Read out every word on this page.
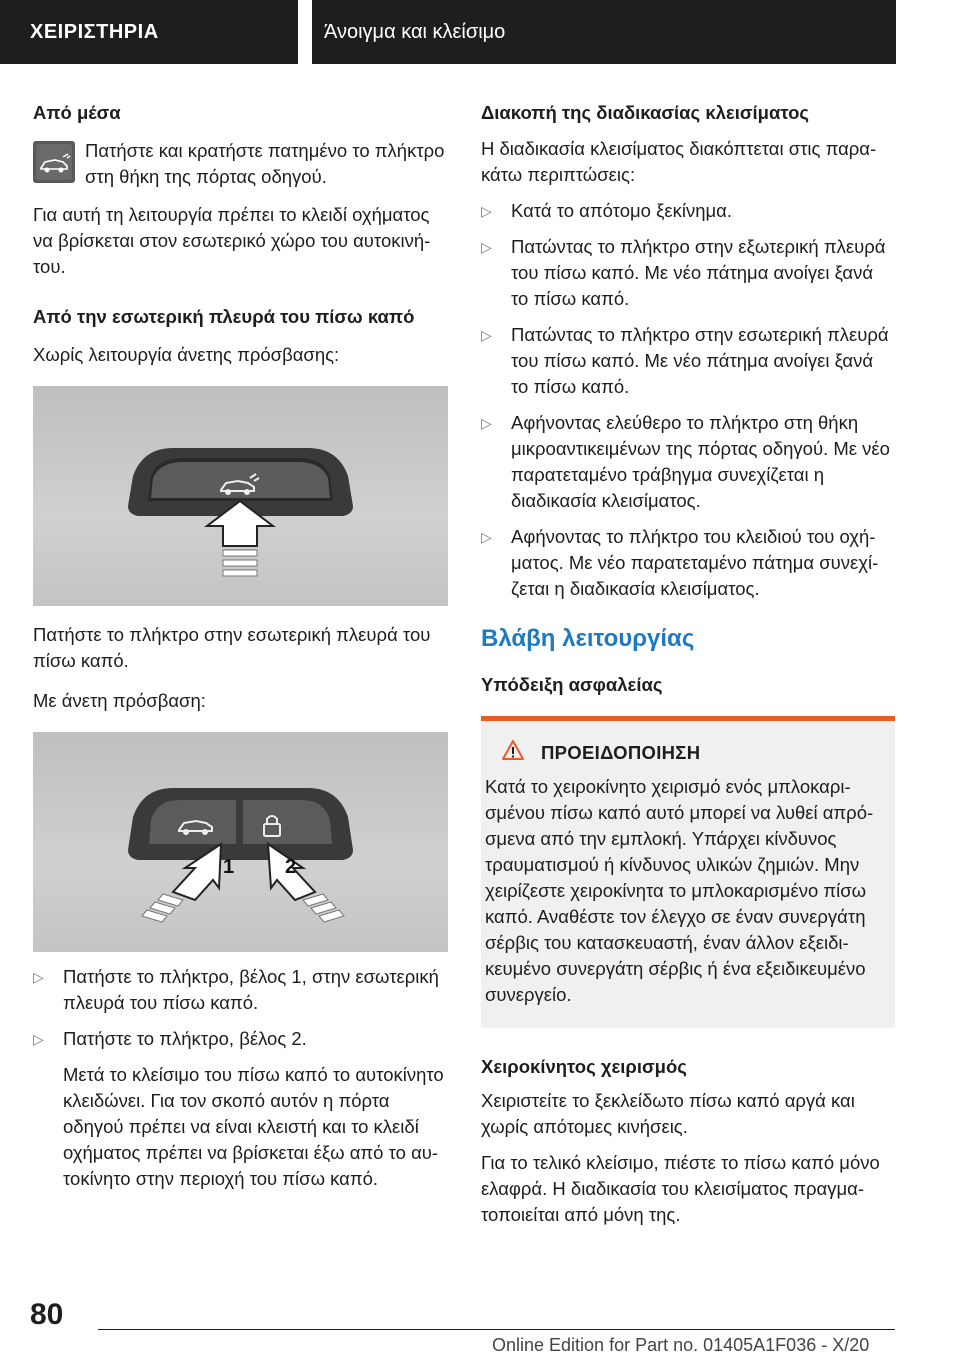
ΧΕΙΡΙΣΤΗΡΙΑ	Άνοιγμα και κλείσιμο
Από μέσα

Πατήστε και κρατήστε πατημένο το πλήκτρο στη θήκη της πόρτας οδηγού.

Για αυτή τη λειτουργία πρέπει το κλειδί οχήματος να βρίσκεται στον εσωτερικό χώρο του αυτοκινήτου.

Από την εσωτερική πλευρά του πίσω καπό

Χωρίς λειτουργία άνετης πρόσβασης:

Πατήστε το πλήκτρο στην εσωτερική πλευρά του πίσω καπό.

Με άνετη πρόσβαση:

1	2
▷	Πατήστε το πλήκτρο, βέλος 1, στην εσωτερική πλευρά του πίσω καπό.

▷	Πατήστε το πλήκτρο, βέλος 2.

Μετά το κλείσιμο του πίσω καπό το αυτοκίνητο κλειδώνει. Για τον σκοπό αυτόν η πόρτα οδηγού πρέπει να είναι κλειστή και το κλειδί οχήματος πρέπει να βρίσκεται έξω από το αυτοκίνητο στην περιοχή του πίσω καπό.

Διακοπή της διαδικασίας κλεισίματος

Η διαδικασία κλεισίματος διακόπτεται στις παρακάτω περιπτώσεις:

▷	Κατά το απότομο ξεκίνημα.

▷	Πατώντας το πλήκτρο στην εξωτερική πλευρά του πίσω καπό. Με νέο πάτημα ανοίγει ξανά το πίσω καπό.

▷	Πατώντας το πλήκτρο στην εσωτερική πλευρά του πίσω καπό. Με νέο πάτημα ανοίγει ξανά το πίσω καπό.

▷	Αφήνοντας ελεύθερο το πλήκτρο στη θήκη μικροαντικειμένων της πόρτας οδηγού. Με νέο παρατεταμένο τράβηγμα συνεχίζεται η διαδικασία κλεισίματος.

▷	Αφήνοντας το πλήκτρο του κλειδιού του οχήματος. Με νέο παρατεταμένο πάτημα συνεχίζεται η διαδικασία κλεισίματος.

Βλάβη λειτουργίας
Υπόδειξη ασφαλείας
ΠΡΟΕΙΔΟΠΟΙΗΣΗ

Κατά το χειροκίνητο χειρισμό ενός μπλοκαρισμένου πίσω καπό αυτό μπορεί να λυθεί απρόσμενα από την εμπλοκή. Υπάρχει κίνδυνος τραυματισμού ή κίνδυνος υλικών ζημιών. Μην χειρίζεστε χειροκίνητα το μπλοκαρισμένο πίσω καπό. Αναθέστε τον έλεγχο σε έναν συνεργάτη σέρβις του κατασκευαστή, έναν άλλον εξειδικευμένο συνεργάτη σέρβις ή ένα εξειδικευμένο συνεργείο.

Χειροκίνητος χειρισμός

Χειριστείτε το ξεκλείδωτο πίσω καπό αργά και χωρίς απότομες κινήσεις.

Για το τελικό κλείσιμο, πιέστε το πίσω καπό μόνο ελαφρά. Η διαδικασία του κλεισίματος πραγματοποιείται από μόνη της.

80
Online Edition for Part no. 01405A1F036 - X/20
